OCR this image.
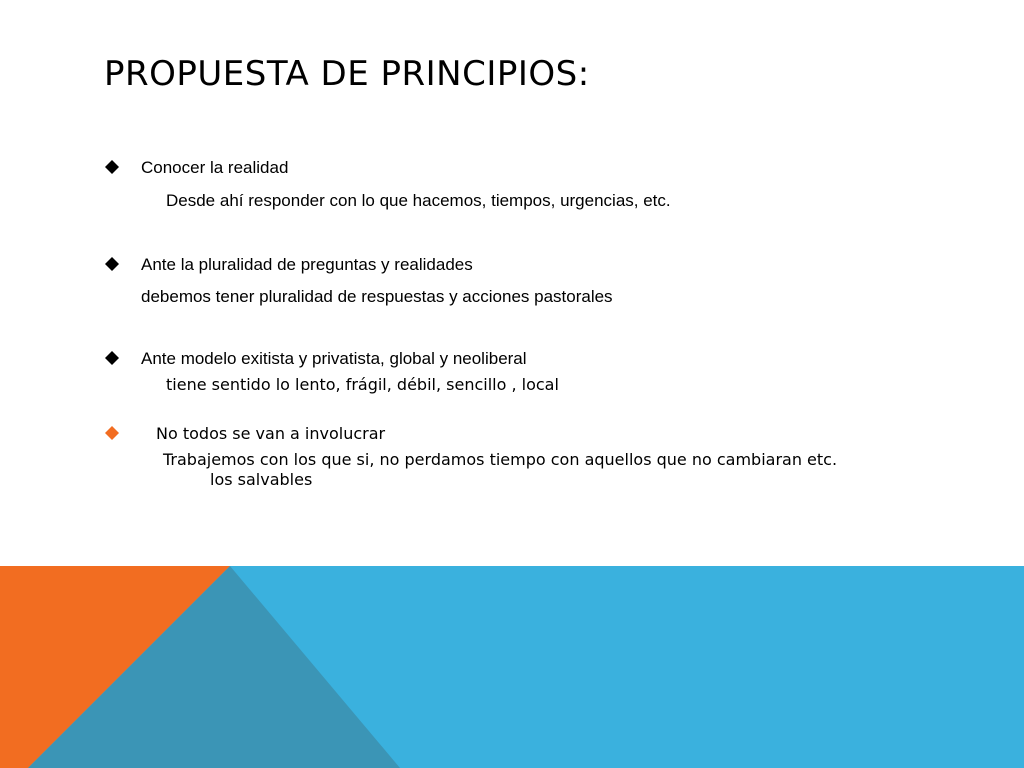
PROPUESTA DE PRINCIPIOS:
Conocer la realidad
Desde ahí responder con lo que hacemos, tiempos, urgencias, etc.
Ante la pluralidad de preguntas y realidades
debemos tener pluralidad de respuestas y acciones pastorales
Ante modelo exitista y privatista, global y neoliberal
tiene sentido lo lento, frágil, débil, sencillo , local
No todos se van a involucrar
Trabajemos con los que si, no perdamos tiempo con aquellos que no cambiaran etc.
los salvables
